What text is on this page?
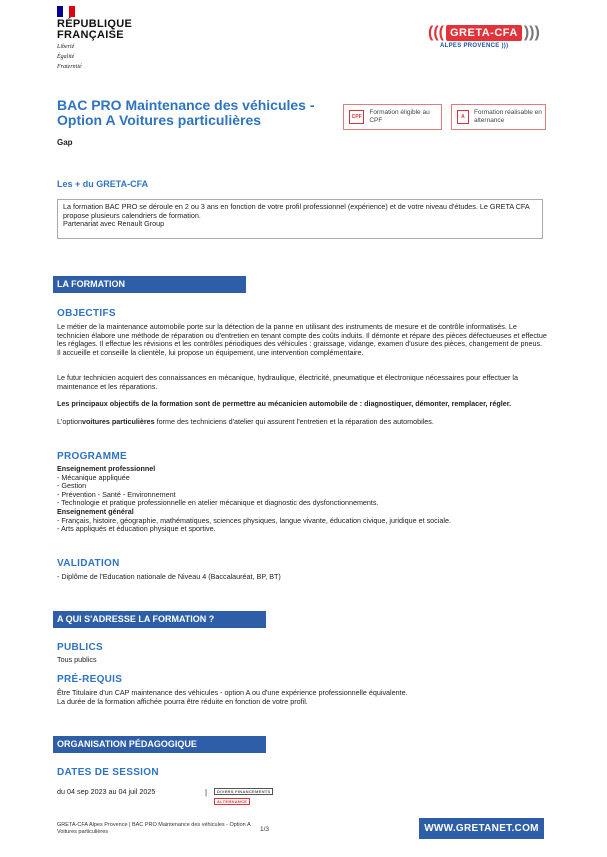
RÉPUBLIQUE
FRANÇAISE
Liberté
Égalité
Fraternité
((( GRETA-CFA )))
ALPES PROVENCE )))
BAC PRO Maintenance des véhicules - Option A Voitures particulières	CPF
Formation éligible au CPF	A
Formation réalisable en alternance
Gap
Les + du GRETA-CFA
La formation BAC PRO se déroule en 2 ou 3 ans en fonction de votre profil professionnel (expérience) et de votre niveau d'études. Le GRETA CFA propose plusieurs calendriers de formation.
Partenariat avec Renault Group
LA FORMATION
OBJECTIFS
Le métier de la maintenance automobile porte sur la détection de la panne en utilisant des instruments de mesure et de contrôle informatisés. Le technicien élabore une méthode de réparation ou d'entretien en tenant compte des coûts induits. Il démonte et répare des pièces défectueuses et effectue les réglages. Il effectue les révisions et les contrôles périodiques des véhicules : graissage, vidange, examen d'usure des pièces, changement de pneus. Il accueille et conseille la clientèle, lui propose un équipement, une intervention complémentaire.
Le futur technicien acquiert des connaissances en mécanique, hydraulique, électricité, pneumatique et électronique nécessaires pour effectuer la maintenance et les réparations.
Les principaux objectifs de la formation sont de permettre au mécanicien automobile de : diagnostiquer, démonter, remplacer, régler.
L'optionvoitures particulières forme des techniciens d'atelier qui assurent l'entretien et la réparation des automobiles.
PROGRAMME
Enseignement professionnel
- Mécanique appliquée
- Gestion
- Prévention - Santé - Environnement
- Technologie et pratique professionnelle en atelier mécanique et diagnostic des dysfonctionnements.
Enseignement général
- Français, histoire, géographie, mathématiques, sciences physiques, langue vivante, éducation civique, juridique et sociale.
- Arts appliqués et éducation physique et sportive.
VALIDATION
- Diplôme de l'Education nationale de Niveau 4 (Baccalauréat, BP, BT)
A QUI S'ADRESSE LA FORMATION ?
PUBLICS
Tous publics
PRÉ-REQUIS
Être Titulaire d'un CAP maintenance des véhicules - option A ou d'une expérience professionnelle équivalente.
La durée de la formation affichée pourra être réduite en fonction de votre profil.
ORGANISATION PÉDAGOGIQUE
DATES DE SESSION
du 04 sep 2023 au 04 juil 2025	|	DIVERS FINANCEMENTS
ALTERNANCE
GRETA-CFA Alpes Provence | BAC PRO Maintenance des véhicules - Option A Voitures particulières	1/3	WWW.GRETANET.COM
